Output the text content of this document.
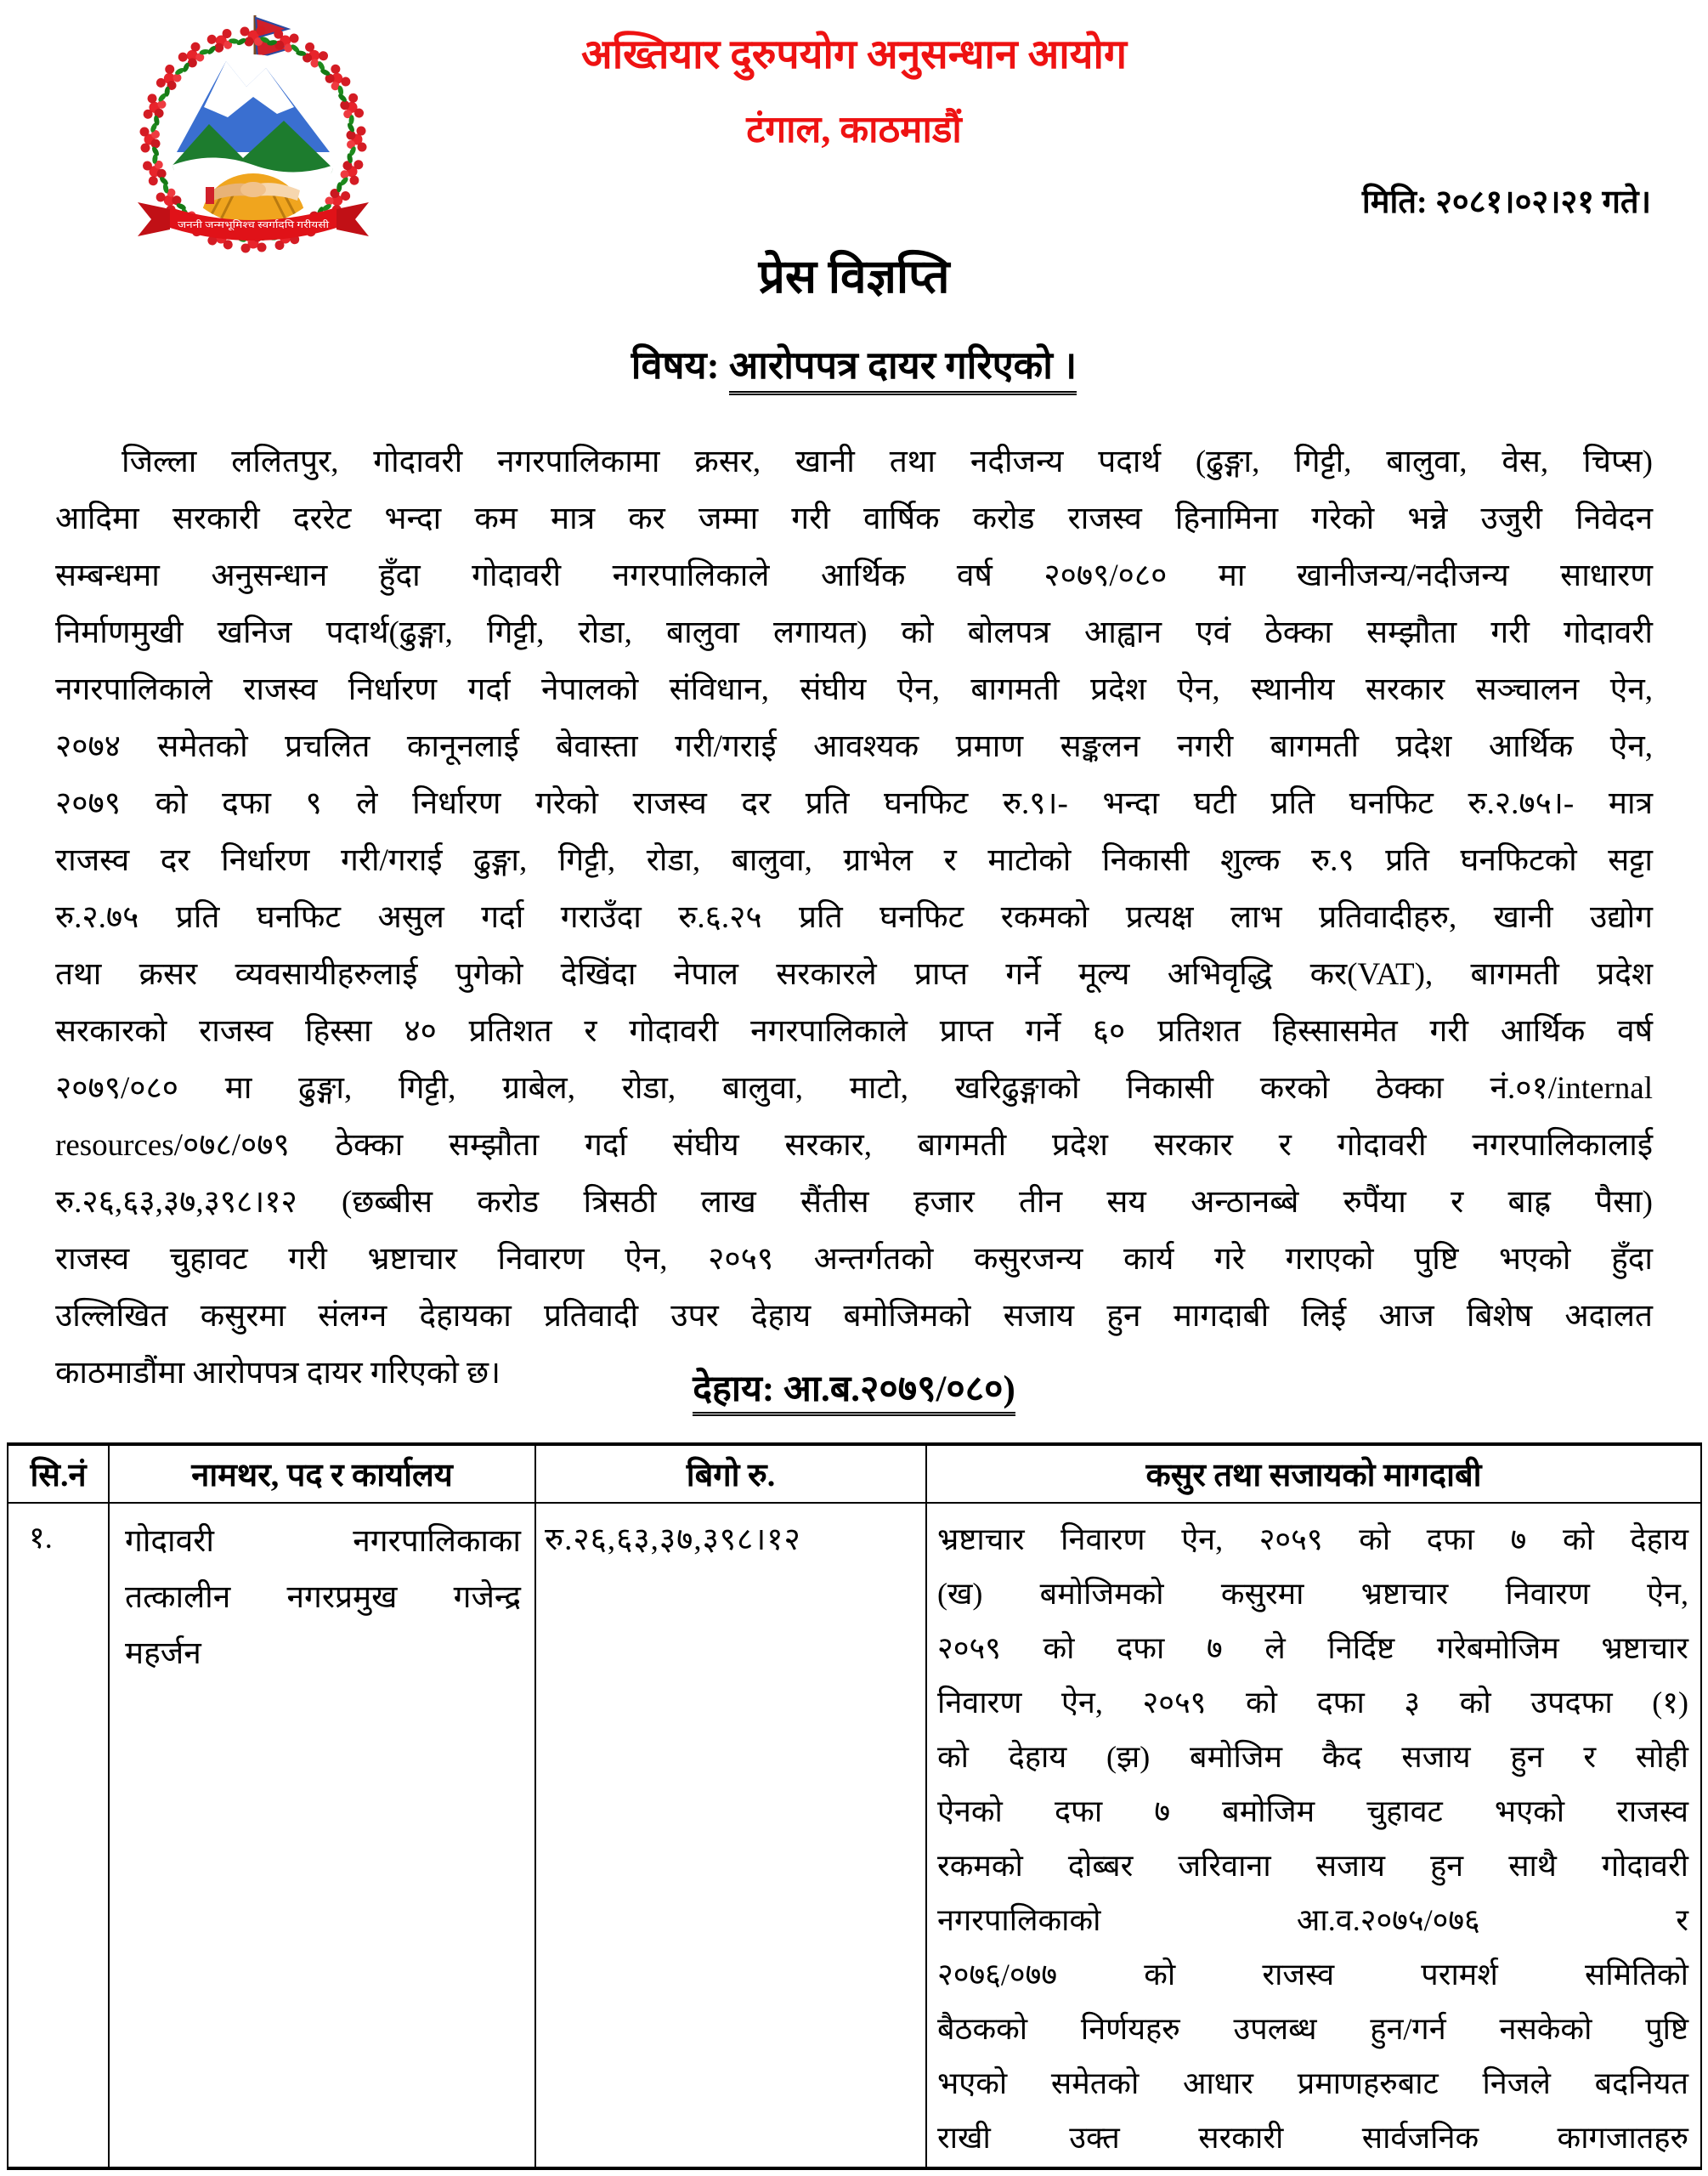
जननी जन्मभूमिश्च स्वर्गादपि गरीयसी
अख्तियार दुरुपयोग अनुसन्धान आयोग
टंगाल, काठमाडौं
मिति: २०८१।०२।२१ गते।
प्रेस विज्ञप्ति
विषय: आरोपपत्र दायर गरिएको ।
जिल्ला ललितपुर, गोदावरी नगरपालिकामा क्रसर, खानी तथा नदीजन्य पदार्थ (ढुङ्गा, गिट्टी, बालुवा, वेस, चिप्स)
आदिमा सरकारी दररेट भन्दा कम मात्र कर जम्मा गरी वार्षिक करोड राजस्व हिनामिना गरेको भन्ने उजुरी निवेदन
सम्बन्धमा अनुसन्धान हुँदा गोदावरी नगरपालिकाले आर्थिक वर्ष २०७९/०८० मा खानीजन्य/नदीजन्य साधारण
निर्माणमुखी खनिज पदार्थ(ढुङ्गा, गिट्टी, रोडा, बालुवा लगायत) को बोलपत्र आह्वान एवं ठेक्का सम्झौता गरी गोदावरी
नगरपालिकाले राजस्व निर्धारण गर्दा नेपालको संविधान, संघीय ऐन, बागमती प्रदेश ऐन, स्थानीय सरकार सञ्चालन ऐन,
२०७४ समेतको प्रचलित कानूनलाई बेवास्ता गरी/गराई आवश्यक प्रमाण सङ्कलन नगरी बागमती प्रदेश आर्थिक ऐन,
२०७९ को दफा ९ ले निर्धारण गरेको राजस्व दर प्रति घनफिट रु.९।- भन्दा घटी प्रति घनफिट रु.२.७५।- मात्र
राजस्व दर निर्धारण गरी/गराई ढुङ्गा, गिट्टी, रोडा, बालुवा, ग्राभेल र माटोको निकासी शुल्क रु.९ प्रति घनफिटको सट्टा
रु.२.७५ प्रति घनफिट असुल गर्दा गराउँदा रु.६.२५ प्रति घनफिट रकमको प्रत्यक्ष लाभ प्रतिवादीहरु, खानी उद्योग
तथा क्रसर व्यवसायीहरुलाई पुगेको देखिंदा नेपाल सरकारले प्राप्त गर्ने मूल्य अभिवृद्धि कर(VAT), बागमती प्रदेश
सरकारको राजस्व हिस्सा ४० प्रतिशत र गोदावरी नगरपालिकाले प्राप्त गर्ने ६० प्रतिशत हिस्सासमेत गरी आर्थिक वर्ष
२०७९/०८० मा ढुङ्गा, गिट्टी, ग्राबेल, रोडा, बालुवा, माटो, खरिढुङ्गाको निकासी करको ठेक्का नं.०१/internal
resources/०७८/०७९ ठेक्का सम्झौता गर्दा संघीय सरकार, बागमती प्रदेश सरकार र गोदावरी नगरपालिकालाई
रु.२६,६३,३७,३९८।१२ (छब्बीस करोड त्रिसठी लाख सैंतीस हजार तीन सय अन्ठानब्बे रुपैंया र बाह्र पैसा)
राजस्व चुहावट गरी भ्रष्टाचार निवारण ऐन, २०५९ अन्तर्गतको कसुरजन्य कार्य गरे गराएको पुष्टि भएको हुँदा
उल्लिखित कसुरमा संलग्न देहायका प्रतिवादी उपर देहाय बमोजिमको सजाय हुन मागदाबी लिई आज बिशेष अदालत
काठमाडौंमा आरोपपत्र दायर गरिएको छ।	देहाय: आ.ब.२०७९/०८०)
सि.नं	नामथर, पद र कार्यालय	बिगो रु.	कसुर तथा सजायको मागदाबी
१.	गोदावरी नगरपालिकाका
तत्कालीन नगरप्रमुख गजेन्द्र
महर्जन
रु.२६,६३,३७,३९८।१२	भ्रष्टाचार निवारण ऐन, २०५९ को दफा ७ को देहाय
(ख) बमोजिमको कसुरमा भ्रष्टाचार निवारण ऐन,
२०५९ को दफा ७ ले निर्दिष्ट गरेबमोजिम भ्रष्टाचार
निवारण ऐन, २०५९ को दफा ३ को उपदफा (१)
को देहाय (झ) बमोजिम कैद सजाय हुन र सोही
ऐनको दफा ७ बमोजिम चुहावट भएको राजस्व
रकमको दोब्बर जरिवाना सजाय हुन साथै गोदावरी
नगरपालिकाको आ.व.२०७५/०७६ र
२०७६/०७७ को राजस्व परामर्श समितिको
बैठकको निर्णयहरु उपलब्ध हुन/गर्न नसकेको पुष्टि
भएको समेतको आधार प्रमाणहरुबाट निजले बदनियत
राखी उक्त सरकारी सार्वजनिक कागजातहरु
